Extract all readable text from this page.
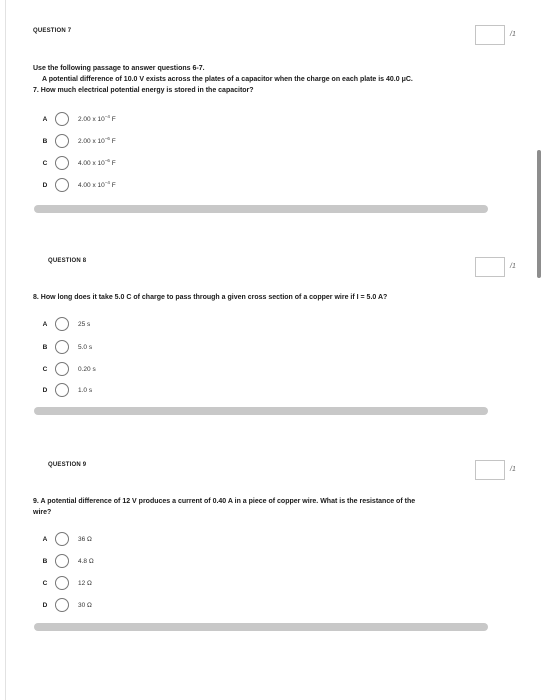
QUESTION 7	/1
Use the following passage to answer questions 6-7.
A potential difference of 10.0 V exists across the plates of a capacitor when the charge on each plate is 40.0 μC.
7. How much electrical potential energy is stored in the capacitor?
A	2.00 x $10^{-4}$ F
B	2.00 x $10^{-6}$ F
C	4.00 x $10^{-6}$ F
D	4.00 x $10^{-4}$ F
QUESTION 8
/1
8. How long does it take 5.0 C of charge to pass through a given cross section of a copper wire if I = 5.0 A?
A	25 s
B	5.0 s
C	0.20 s
D	1.0 s
QUESTION 9
/1
9. A potential difference of 12 V produces a current of 0.40 A in a piece of copper wire. What is the resistance of the
wire?
A	36 Ω
B	4.8 Ω
C	12 Ω
D	30 Ω
